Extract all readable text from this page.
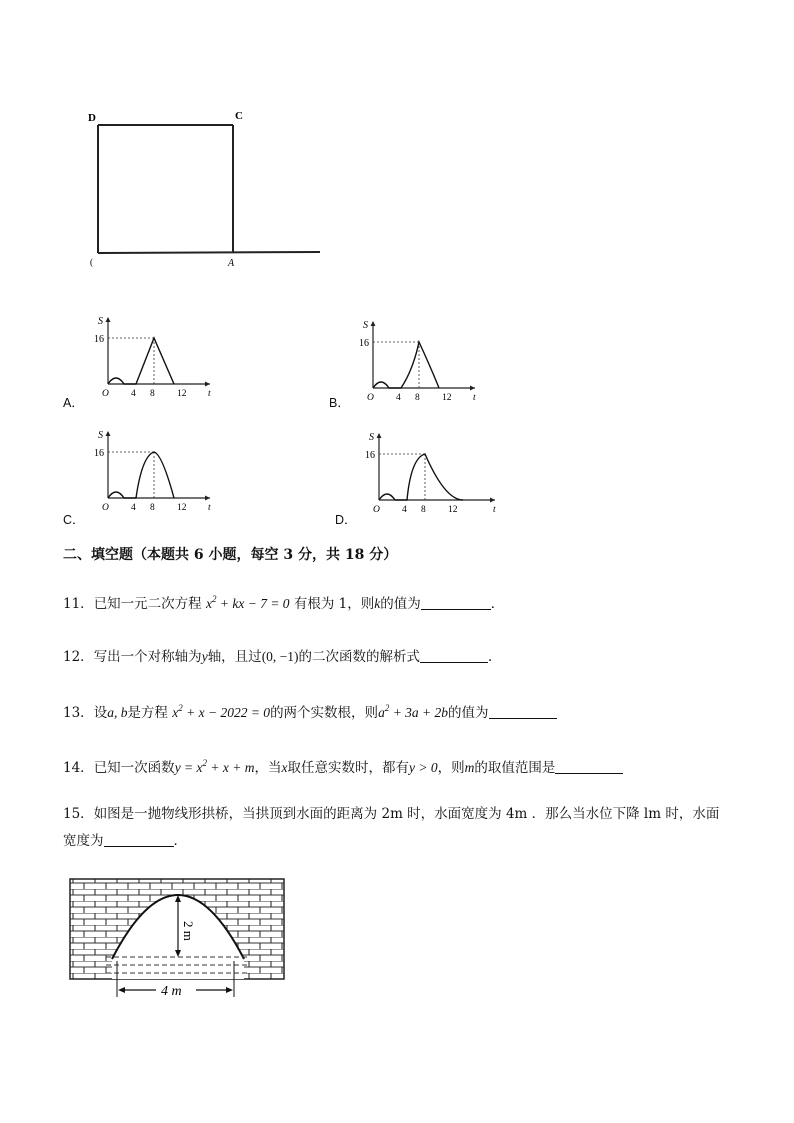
D	C
(	A
A．
S
16
O 4 8 12 t
B．
S
16
O 4 8 12 t
C．
S
16
O 4 8 12 t
D．
S
16
O 4 8 12	t
二、填空题（本题共 6 小题，每空 3 分，共 18 分）
11．已知一元二次方程 $x^2$ + kx − 7 = 0 有根为 1，则k的值为	．
12．写出一个对称轴为y轴，且过(0, −1)的二次函数的解析式	．
13．设a, b是方程 $x^2 + x - 2022 = 0$的两个实数根，则$a^2 + 3a + 2b$的值为
14．已知一次函数$y = x^2 + x + m$，当x取任意实数时，都有y > 0，则m的取值范围是
15．如图是一抛物线形拱桥，当拱顶到水面的距离为 2m 时，水面宽度为 4m ．那么当水位下降 lm 时，水面
宽度为	．
2 m
4 m
